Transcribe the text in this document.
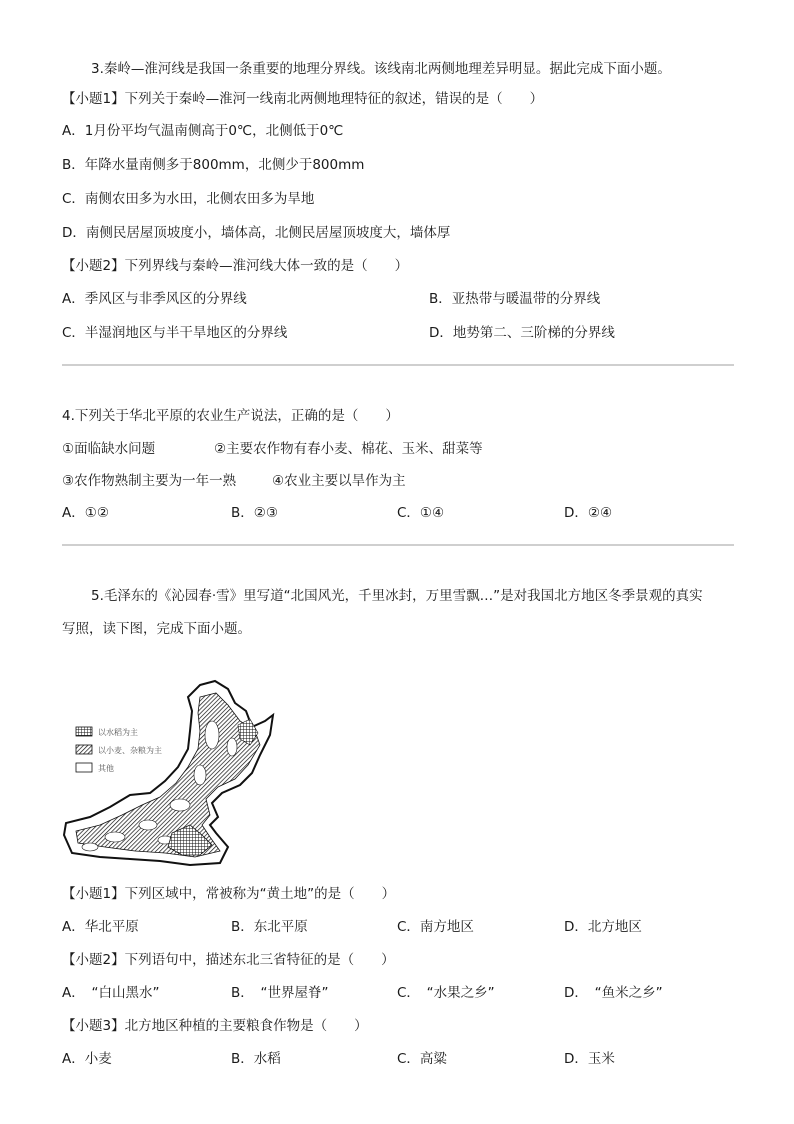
3.秦岭—淮河线是我国一条重要的地理分界线。该线南北两侧地理差异明显。据此完成下面小题。
【小题1】下列关于秦岭—淮河一线南北两侧地理特征的叙述，错误的是（　　）
A．1月份平均气温南侧高于0℃，北侧低于0℃
B．年降水量南侧多于800mm，北侧少于800mm
C．南侧农田多为水田，北侧农田多为旱地
D．南侧民居屋顶坡度小，墙体高，北侧民居屋顶坡度大，墙体厚
【小题2】下列界线与秦岭—淮河线大体一致的是（　　）
A．季风区与非季风区的分界线	B．亚热带与暖温带的分界线
C．半湿润地区与半干旱地区的分界线	D．地势第二、三阶梯的分界线
4.下列关于华北平原的农业生产说法，正确的是（　　）
①面临缺水问题	②主要农作物有春小麦、棉花、玉米、甜菜等
③农作物熟制主要为一年一熟	④农业主要以旱作为主
A．①②	B．②③	C．①④	D．②④
5.毛泽东的《沁园春·雪》里写道“北国风光，千里冰封，万里雪飘…”是对我国北方地区冬季景观的真实
写照，读下图，完成下面小题。
以水稻为主
以小麦、杂粮为主
其他
【小题1】下列区域中，常被称为“黄土地”的是（　　）
A．华北平原	B．东北平原	C．南方地区	D．北方地区
【小题2】下列语句中，描述东北三省特征的是（　　）
A．　“白山黑水”	B．　“世界屋脊”	C．　“水果之乡”	D．　“鱼米之乡”
【小题3】北方地区种植的主要粮食作物是（　　）
A．小麦	B．水稻	C．高粱	D．玉米
